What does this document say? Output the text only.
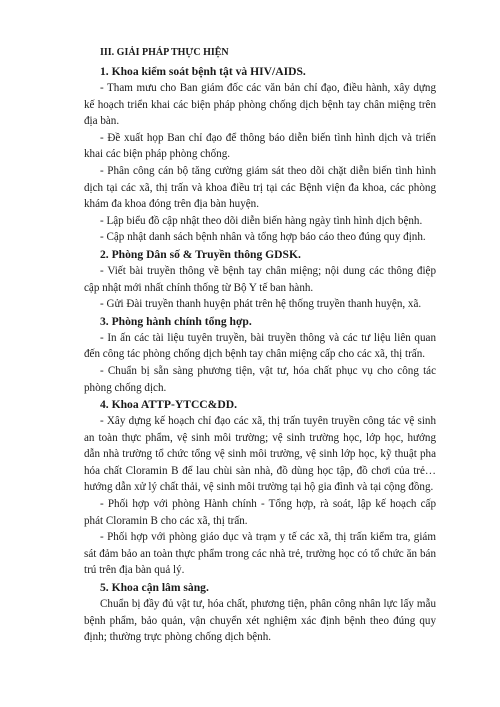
III. GIẢI PHÁP THỰC HIỆN
1. Khoa kiểm soát bệnh tật và HIV/AIDS.

- Tham mưu cho Ban giám đốc các văn bản chỉ đạo, điều hành, xây dựng kế hoạch triển khai các biện pháp phòng chống dịch bệnh tay chân miệng trên địa bàn.

- Đề xuất họp Ban chỉ đạo để thông báo diễn biến tình hình dịch và triển khai các biện pháp phòng chống.

- Phân công cán bộ tăng cường giám sát theo dõi chặt diễn biến tình hình dịch tại các xã, thị trấn và khoa điều trị tại các Bệnh viện đa khoa, các phòng khám đa khoa đóng trên địa bàn huyện.

- Lập biểu đồ cập nhật theo dõi diễn biến hàng ngày tình hình dịch bệnh.

- Cập nhật danh sách bệnh nhân và tổng hợp báo cáo theo đúng quy định.

2. Phòng Dân số & Truyền thông GDSK.

- Viết bài truyền thông về bệnh tay chân miệng; nội dung các thông điệp cập nhật mới nhất chính thống từ Bộ Y tế ban hành.

- Gửi Đài truyền thanh huyện phát trên hệ thống truyền thanh huyện, xã.

3. Phòng hành chính tổng hợp.

- In ấn các tài liệu tuyên truyền, bài truyền thông và các tư liệu liên quan đến công tác phòng chống dịch bệnh tay chân miệng cấp cho các xã, thị trấn.

- Chuẩn bị sẵn sàng phương tiện, vật tư, hóa chất phục vụ cho công tác phòng chống dịch.

4. Khoa ATTP-YTCC&DD.

- Xây dựng kế hoạch chỉ đạo các xã, thị trấn tuyên truyền công tác vệ sinh an toàn thực phẩm, vệ sinh môi trường; vệ sinh trường học, lớp học, hướng dẫn nhà trường tổ chức tổng vệ sinh môi trường, vệ sinh lớp học, kỹ thuật pha hóa chất Cloramin B để lau chùi sàn nhà, đồ dùng học tập, đồ chơi của trẻ…hướng dẫn xử lý chất thải, vệ sinh môi trường tại hộ gia đình và tại cộng đồng.

- Phối hợp với phòng Hành chính - Tổng hợp, rà soát, lập kế hoạch cấp phát Cloramin B cho các xã, thị trấn.

- Phối hợp với phòng giáo dục và trạm y tế các xã, thị trấn kiểm tra, giám sát đảm bảo an toàn thực phẩm trong các nhà trẻ, trường học có tổ chức ăn bán trú trên địa bàn quả lý.

5. Khoa cận lâm sàng.

Chuẩn bị đầy đủ vật tư, hóa chất, phương tiện, phân công nhân lực lấy mẫu bệnh phẩm, bảo quản, vận chuyển xét nghiệm xác định bệnh theo đúng quy định; thường trực phòng chống dịch bệnh.
